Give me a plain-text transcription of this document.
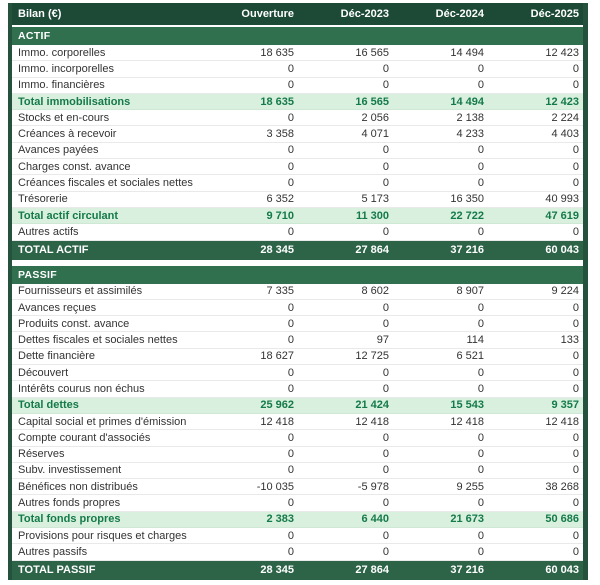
Bilan (€)	Ouverture	Déc-2023	Déc-2024	Déc-2025
ACTIF
Immo. corporelles	18 635	16 565	14 494	12 423
Immo. incorporelles	0	0	0	0
Immo. financières	0	0	0	0
Total immobilisations	18 635	16 565	14 494	12 423
Stocks et en-cours	0	2 056	2 138	2 224
Créances à recevoir	3 358	4 071	4 233	4 403
Avances payées	0	0	0	0
Charges const. avance	0	0	0	0
Créances fiscales et sociales nettes	0	0	0	0
Trésorerie	6 352	5 173	16 350	40 993
Total actif circulant	9 710	11 300	22 722	47 619
Autres actifs	0	0	0	0
TOTAL ACTIF	28 345	27 864	37 216	60 043
PASSIF
Fournisseurs et assimilés	7 335	8 602	8 907	9 224
Avances reçues	0	0	0	0
Produits const. avance	0	0	0	0
Dettes fiscales et sociales nettes	0	97	114	133
Dette financière	18 627	12 725	6 521	0
Découvert	0	0	0	0
Intérêts courus non échus	0	0	0	0
Total dettes	25 962	21 424	15 543	9 357
Capital social et primes d'émission	12 418	12 418	12 418	12 418
Compte courant d'associés	0	0	0	0
Réserves	0	0	0	0
Subv. investissement	0	0	0	0
Bénéfices non distribués	-10 035	-5 978	9 255	38 268
Autres fonds propres	0	0	0	0
Total fonds propres	2 383	6 440	21 673	50 686
Provisions pour risques et charges	0	0	0	0
Autres passifs	0	0	0	0
TOTAL PASSIF	28 345	27 864	37 216	60 043
